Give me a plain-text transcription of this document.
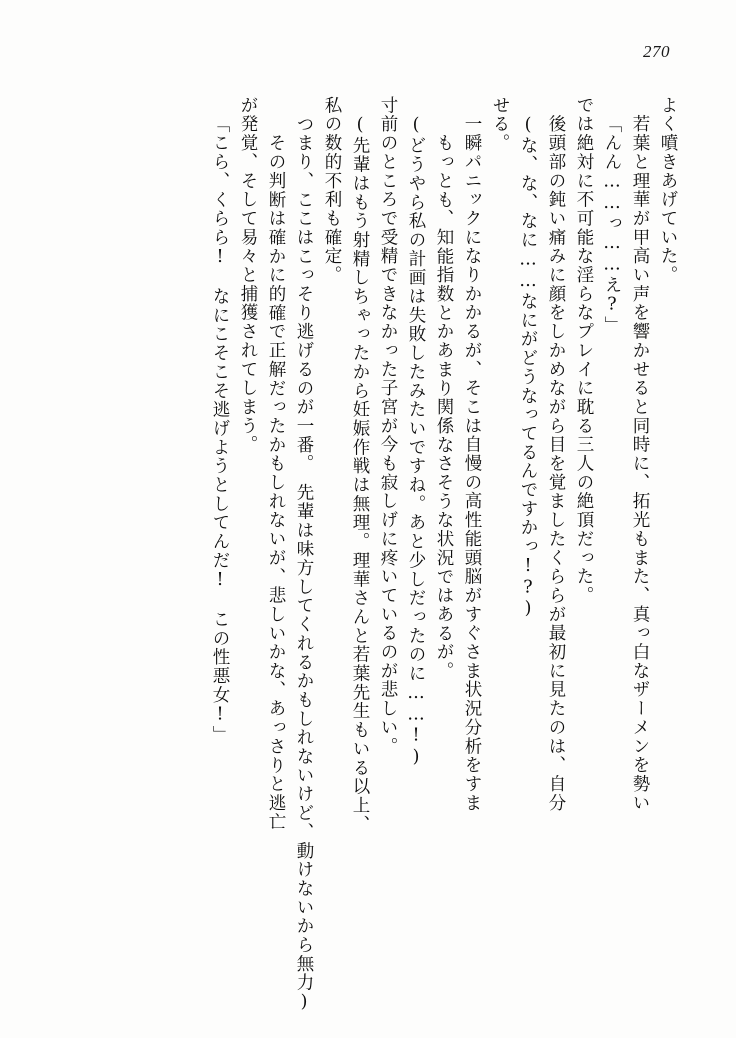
270
よく噴きあげていた。
　若葉と理華が甲高い声を響かせると同時に、拓光もまた、真っ白なザーメンを勢い
「んん……っ……え?」
では絶対に不可能な淫らなプレイに耽る三人の絶頂だった。
　後頭部の鈍い痛みに顔をしかめながら目を覚ましたくららが最初に見たのは、自分
(な、な、なに……なにがどうなってるんですかっ!?)
せる。
　一瞬パニックになりかかるが、そこは自慢の高性能頭脳がすぐさま状況分析をすま
　もっとも、知能指数とかあまり関係なさそうな状況ではあるが。
(どうやら私の計画は失敗したみたいですね。あと少しだったのに……!)
寸前のところで受精できなかった子宮が今も寂しげに疼いているのが悲しい。
(先輩はもう射精しちゃったから妊娠作戦は無理。理華さんと若葉先生もいる以上、
私の数的不利も確定。
つまり、ここはこっそり逃げるのが一番。　先輩は味方してくれるかもしれないけど、動けないから無力)
　その判断は確かに的確で正解だったかもしれないが、悲しいかな、あっさりと逃亡
が発覚、そして易々と捕獲されてしまう。
「こら、くらら!　なにこそこそ逃げようとしてんだ!　この性悪女!」
